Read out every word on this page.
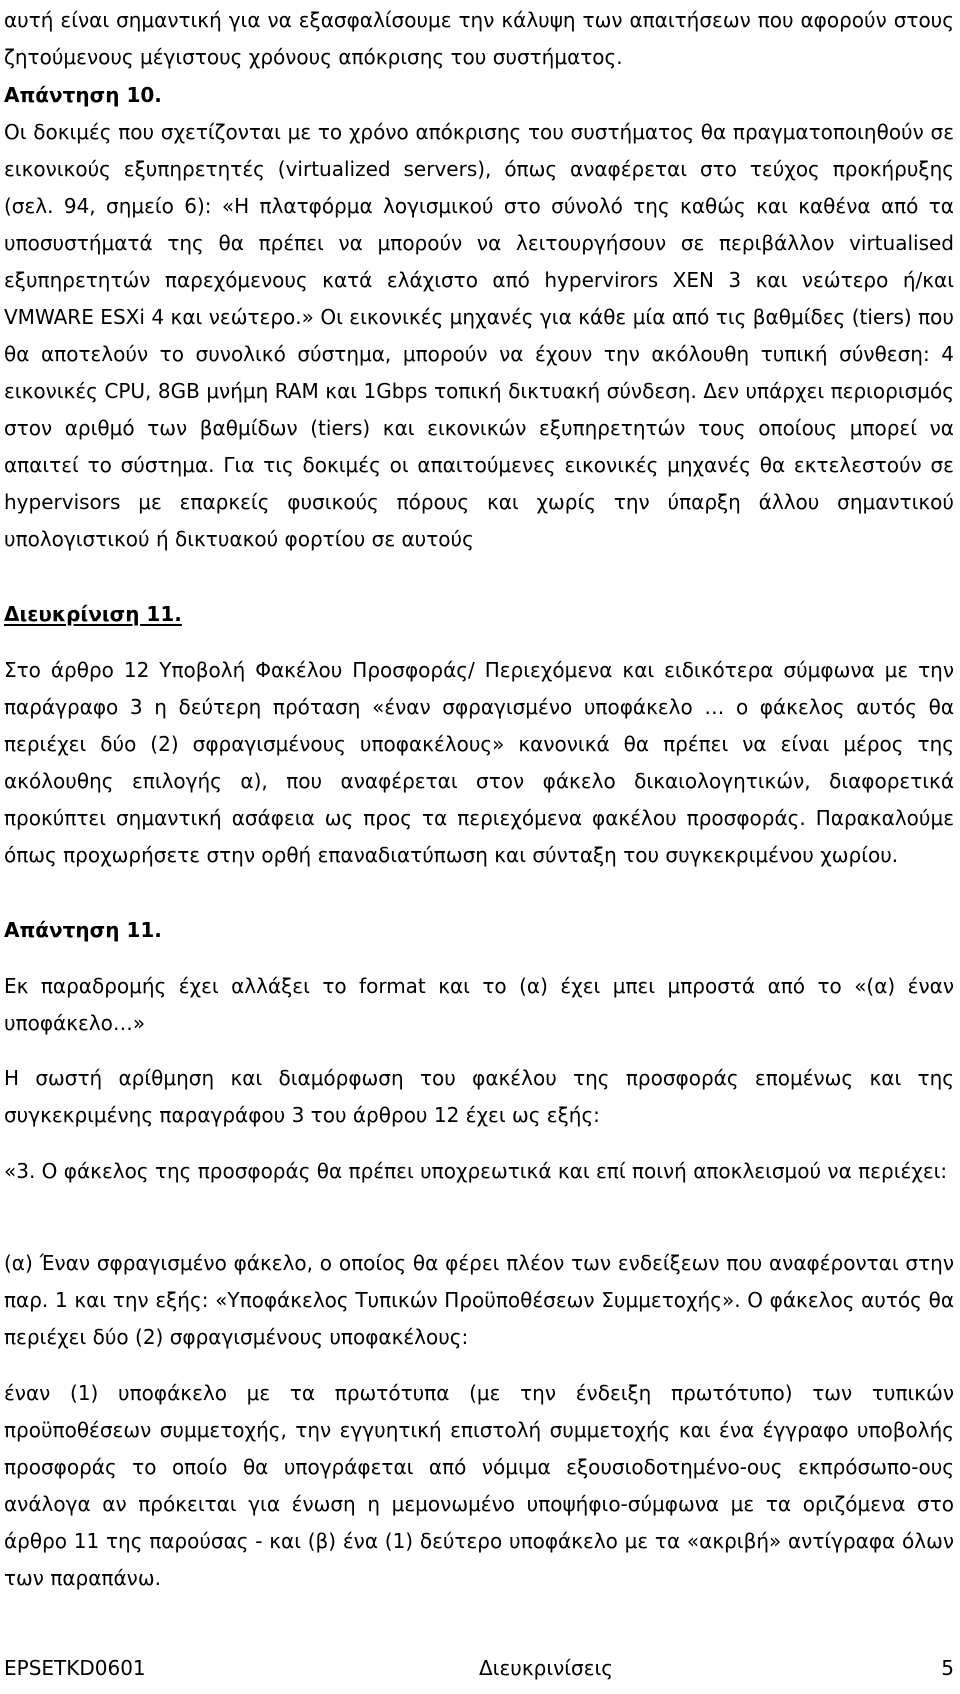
αυτή είναι σημαντική για να εξασφαλίσουμε την κάλυψη των απαιτήσεων που αφορούν στους ζητούμενους μέγιστους χρόνους απόκρισης του συστήματος.

Απάντηση 10.

Οι δοκιμές που σχετίζονται με το χρόνο απόκρισης του συστήματος θα πραγματοποιηθούν σε εικονικούς εξυπηρετητές (virtualized servers), όπως αναφέρεται στο τεύχος προκήρυξης (σελ. 94, σημείο 6): «Η πλατφόρμα λογισμικού στο σύνολό της καθώς και καθένα από τα υποσυστήματά της θα πρέπει να μπορούν να λειτουργήσουν σε περιβάλλον virtualised εξυπηρετητών παρεχόμενους κατά ελάχιστο από hypervirors XEN 3 και νεώτερο ή/και VMWARE ESXi 4 και νεώτερο.» Οι εικονικές μηχανές για κάθε μία από τις βαθμίδες (tiers) που θα αποτελούν το συνολικό σύστημα, μπορούν να έχουν την ακόλουθη τυπική σύνθεση: 4 εικονικές CPU, 8GB μνήμη RAM και 1Gbps τοπική δικτυακή σύνδεση. Δεν υπάρχει περιορισμός στον αριθμό των βαθμίδων (tiers) και εικονικών εξυπηρετητών τους οποίους μπορεί να απαιτεί το σύστημα. Για τις δοκιμές οι απαιτούμενες εικονικές μηχανές θα εκτελεστούν σε hypervisors με επαρκείς φυσικούς πόρους και χωρίς την ύπαρξη άλλου σημαντικού υπολογιστικού ή δικτυακού φορτίου σε αυτούς

Διευκρίνιση 11.

Στο άρθρο 12 Υποβολή Φακέλου Προσφοράς/ Περιεχόμενα και ειδικότερα σύμφωνα με την παράγραφο 3 η δεύτερη πρόταση «έναν σφραγισμένο υποφάκελο … ο φάκελος αυτός θα περιέχει δύο (2) σφραγισμένους υποφακέλους» κανονικά θα πρέπει να είναι μέρος της ακόλουθης επιλογής α), που αναφέρεται στον φάκελο δικαιολογητικών, διαφορετικά προκύπτει σημαντική ασάφεια ως προς τα περιεχόμενα φακέλου προσφοράς. Παρακαλούμε όπως προχωρήσετε στην ορθή επαναδιατύπωση και σύνταξη του συγκεκριμένου χωρίου.

Απάντηση 11.

Εκ παραδρομής έχει αλλάξει το format και το (α) έχει μπει μπροστά από το «(α) έναν υποφάκελο…»

Η σωστή αρίθμηση και διαμόρφωση του φακέλου της προσφοράς επομένως και της συγκεκριμένης παραγράφου 3 του άρθρου 12 έχει ως εξής:

«3. Ο φάκελος της προσφοράς θα πρέπει υποχρεωτικά και επί ποινή αποκλεισμού να περιέχει:

(α) Έναν σφραγισμένο φάκελο, ο οποίος θα φέρει πλέον των ενδείξεων που αναφέρονται στην παρ. 1 και την εξής: «Υποφάκελος Τυπικών Προϋποθέσεων Συμμετοχής». Ο φάκελος αυτός θα περιέχει δύο (2) σφραγισμένους υποφακέλους:

έναν (1) υποφάκελο με τα πρωτότυπα (με την ένδειξη πρωτότυπο) των τυπικών προϋποθέσεων συμμετοχής, την εγγυητική επιστολή συμμετοχής και ένα έγγραφο υποβολής προσφοράς το οποίο θα υπογράφεται από νόμιμα εξουσιοδοτημένο-ους εκπρόσωπο-ους ανάλογα αν πρόκειται για ένωση η μεμονωμένο υποψήφιο-σύμφωνα με τα οριζόμενα στο άρθρο 11 της παρούσας - και (β) ένα (1) δεύτερο υποφάκελο με τα «ακριβή» αντίγραφα όλων των παραπάνω.

EPSETKD0601	Διευκρινίσεις	5
